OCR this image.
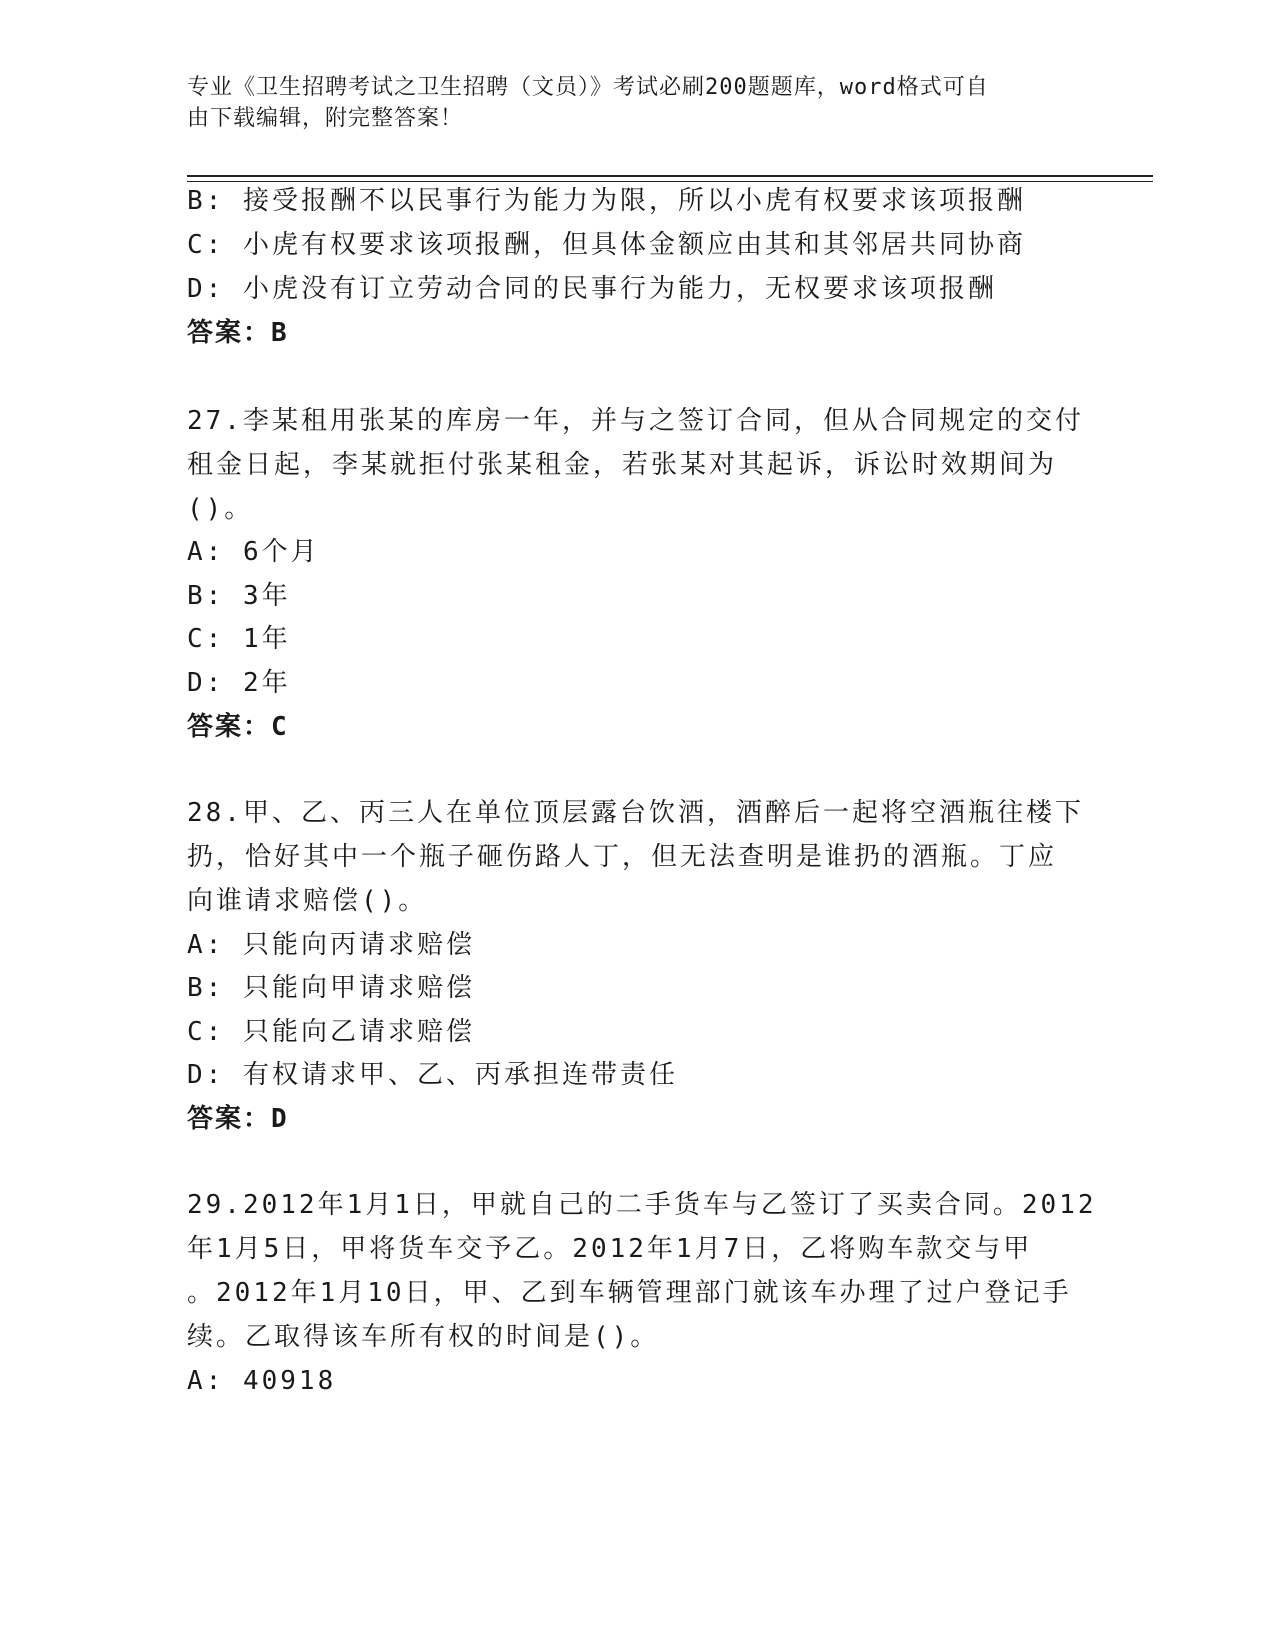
专业《卫生招聘考试之卫生招聘（文员）》考试必刷200题题库，word格式可自
由下载编辑，附完整答案！
B: 接受报酬不以民事行为能力为限，所以小虎有权要求该项报酬
C: 小虎有权要求该项报酬，但具体金额应由其和其邻居共同协商
D: 小虎没有订立劳动合同的民事行为能力，无权要求该项报酬
答案：B
27.李某租用张某的库房一年，并与之签订合同，但从合同规定的交付
租金日起，李某就拒付张某租金，若张某对其起诉，诉讼时效期间为
()。
A: 6个月
B: 3年
C: 1年
D: 2年
答案：C
28.甲、乙、丙三人在单位顶层露台饮酒，酒醉后一起将空酒瓶往楼下
扔，恰好其中一个瓶子砸伤路人丁，但无法查明是谁扔的酒瓶。丁应
向谁请求赔偿()。
A: 只能向丙请求赔偿
B: 只能向甲请求赔偿
C: 只能向乙请求赔偿
D: 有权请求甲、乙、丙承担连带责任
答案：D
29.2012年1月1日，甲就自己的二手货车与乙签订了买卖合同。2012
年1月5日，甲将货车交予乙。2012年1月7日，乙将购车款交与甲
。2012年1月10日，甲、乙到车辆管理部门就该车办理了过户登记手
续。乙取得该车所有权的时间是()。
A: 40918
